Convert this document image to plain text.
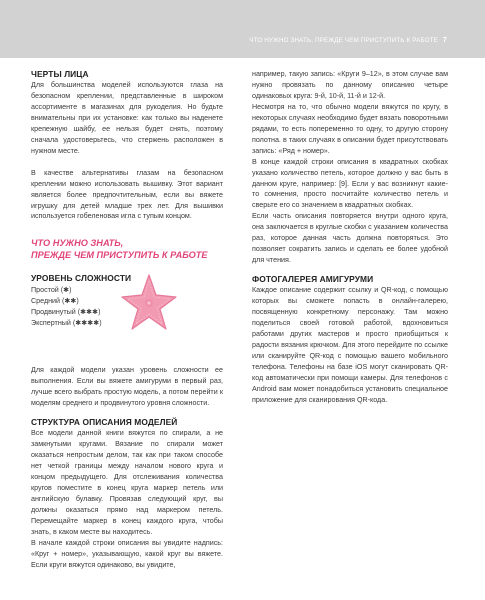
ЧТО НУЖНО ЗНАТЬ, ПРЕЖДЕ ЧЕМ ПРИСТУПИТЬ К РАБОТЕ 7
ЧЕРТЫ ЛИЦА

Для большинства моделей используются глаза на безопасном креплении, представленные в широком ассортименте в магазинах для рукоделия. Но будьте внимательны при их установке: как только вы наденете крепежную шайбу, ее нельзя будет снять, поэтому сначала удостоверьтесь, что стержень расположен в нужном месте.

В качестве альтернативы глазам на безопасном креплении можно использовать вышивку. Этот вариант является более предпочтительным, если вы вяжете игрушку для детей младше трех лет. Для вышивки используется гобеленовая игла с тупым концом.

ЧТО НУЖНО ЗНАТЬ,
ПРЕЖДЕ ЧЕМ ПРИСТУПИТЬ К РАБОТЕ
УРОВЕНЬ СЛОЖНОСТИ
Простой (✱)
Средний (✱✱)
Продвинутый (✱✱✱)
Экспертный (✱✱✱✱)

Для каждой модели указан уровень сложности ее выполнения. Если вы вяжете амигуруми в первый раз, лучше всего выбрать простую модель, а потом перейти к моделям среднего и продвинутого уровня сложности.

СТРУКТУРА ОПИСАНИЯ МОДЕЛЕЙ

Все модели данной книги вяжутся по спирали, а не замкнутыми кругами. Вязание по спирали может оказаться непростым делом, так как при таком способе нет четкой границы между началом нового круга и концом предыдущего. Для отслеживания количества кругов поместите в конец круга маркер петель или английскую булавку. Провязав следующий круг, вы должны оказаться прямо над маркером петель. Перемещайте маркер в конец каждого круга, чтобы знать, в каком месте вы находитесь.

В начале каждой строки описания вы увидите надпись: «Круг + номер», указывающую, какой круг вы вяжете. Если круги вяжутся одинаково, вы увидите,

например, такую запись: «Круги 9–12», в этом случае вам нужно провязать по данному описанию четыре одинаковых круга: 9-й, 10-й, 11-й и 12-й.

Несмотря на то, что обычно модели вяжутся по кругу, в некоторых случаях необходимо будет вязать поворотными рядами, то есть попеременно то одну, то другую сторону полотна. в таких случаях в описании будет присутствовать запись: «Ряд + номер».

В конце каждой строки описания в квадратных скобках указано количество петель, которое должно у вас быть в данном круге, например: [9]. Если у вас возникнут какие-то сомнения, просто посчитайте количество петель и сверьте его со значением в квадратных скобках.

Если часть описания повторяется внутри одного круга, она заключается в круглые скобки с указанием количества раз, которое данная часть должна повторяться. Это позволяет сократить запись и сделать ее более удобной для чтения.

ФОТОГАЛЕРЕЯ АМИГУРУМИ

Каждое описание содержит ссылку и QR-код, с помощью которых вы сможете попасть в онлайн-галерею, посвященную конкретному персонажу. Там можно поделиться своей готовой работой, вдохновиться работами других мастеров и просто приобщиться к радости вязания крючком. Для этого перейдите по ссылке или сканируйте QR-код с помощью вашего мобильного телефона. Телефоны на базе iOS могут сканировать QR-код автоматически при помощи камеры. Для телефонов с Android вам может понадобиться установить специальное приложение для сканирования QR-кода.
